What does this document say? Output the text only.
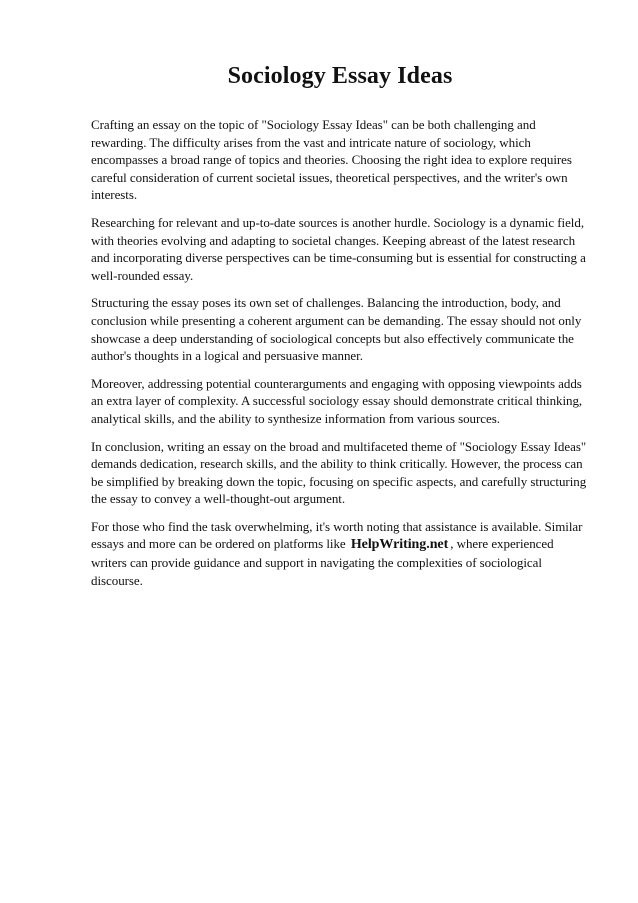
Sociology Essay Ideas

Crafting an essay on the topic of "Sociology Essay Ideas" can be both challenging and rewarding. The difficulty arises from the vast and intricate nature of sociology, which encompasses a broad range of topics and theories. Choosing the right idea to explore requires careful consideration of current societal issues, theoretical perspectives, and the writer's own interests.

Researching for relevant and up-to-date sources is another hurdle. Sociology is a dynamic field, with theories evolving and adapting to societal changes. Keeping abreast of the latest research and incorporating diverse perspectives can be time-consuming but is essential for constructing a well-rounded essay.

Structuring the essay poses its own set of challenges. Balancing the introduction, body, and conclusion while presenting a coherent argument can be demanding. The essay should not only showcase a deep understanding of sociological concepts but also effectively communicate the author's thoughts in a logical and persuasive manner.

Moreover, addressing potential counterarguments and engaging with opposing viewpoints adds an extra layer of complexity. A successful sociology essay should demonstrate critical thinking, analytical skills, and the ability to synthesize information from various sources.

In conclusion, writing an essay on the broad and multifaceted theme of "Sociology Essay Ideas" demands dedication, research skills, and the ability to think critically. However, the process can be simplified by breaking down the topic, focusing on specific aspects, and carefully structuring the essay to convey a well-thought-out argument.

For those who find the task overwhelming, it's worth noting that assistance is available. Similar essays and more can be ordered on platforms like HelpWriting.net , where experienced writers can provide guidance and support in navigating the complexities of sociological discourse.
